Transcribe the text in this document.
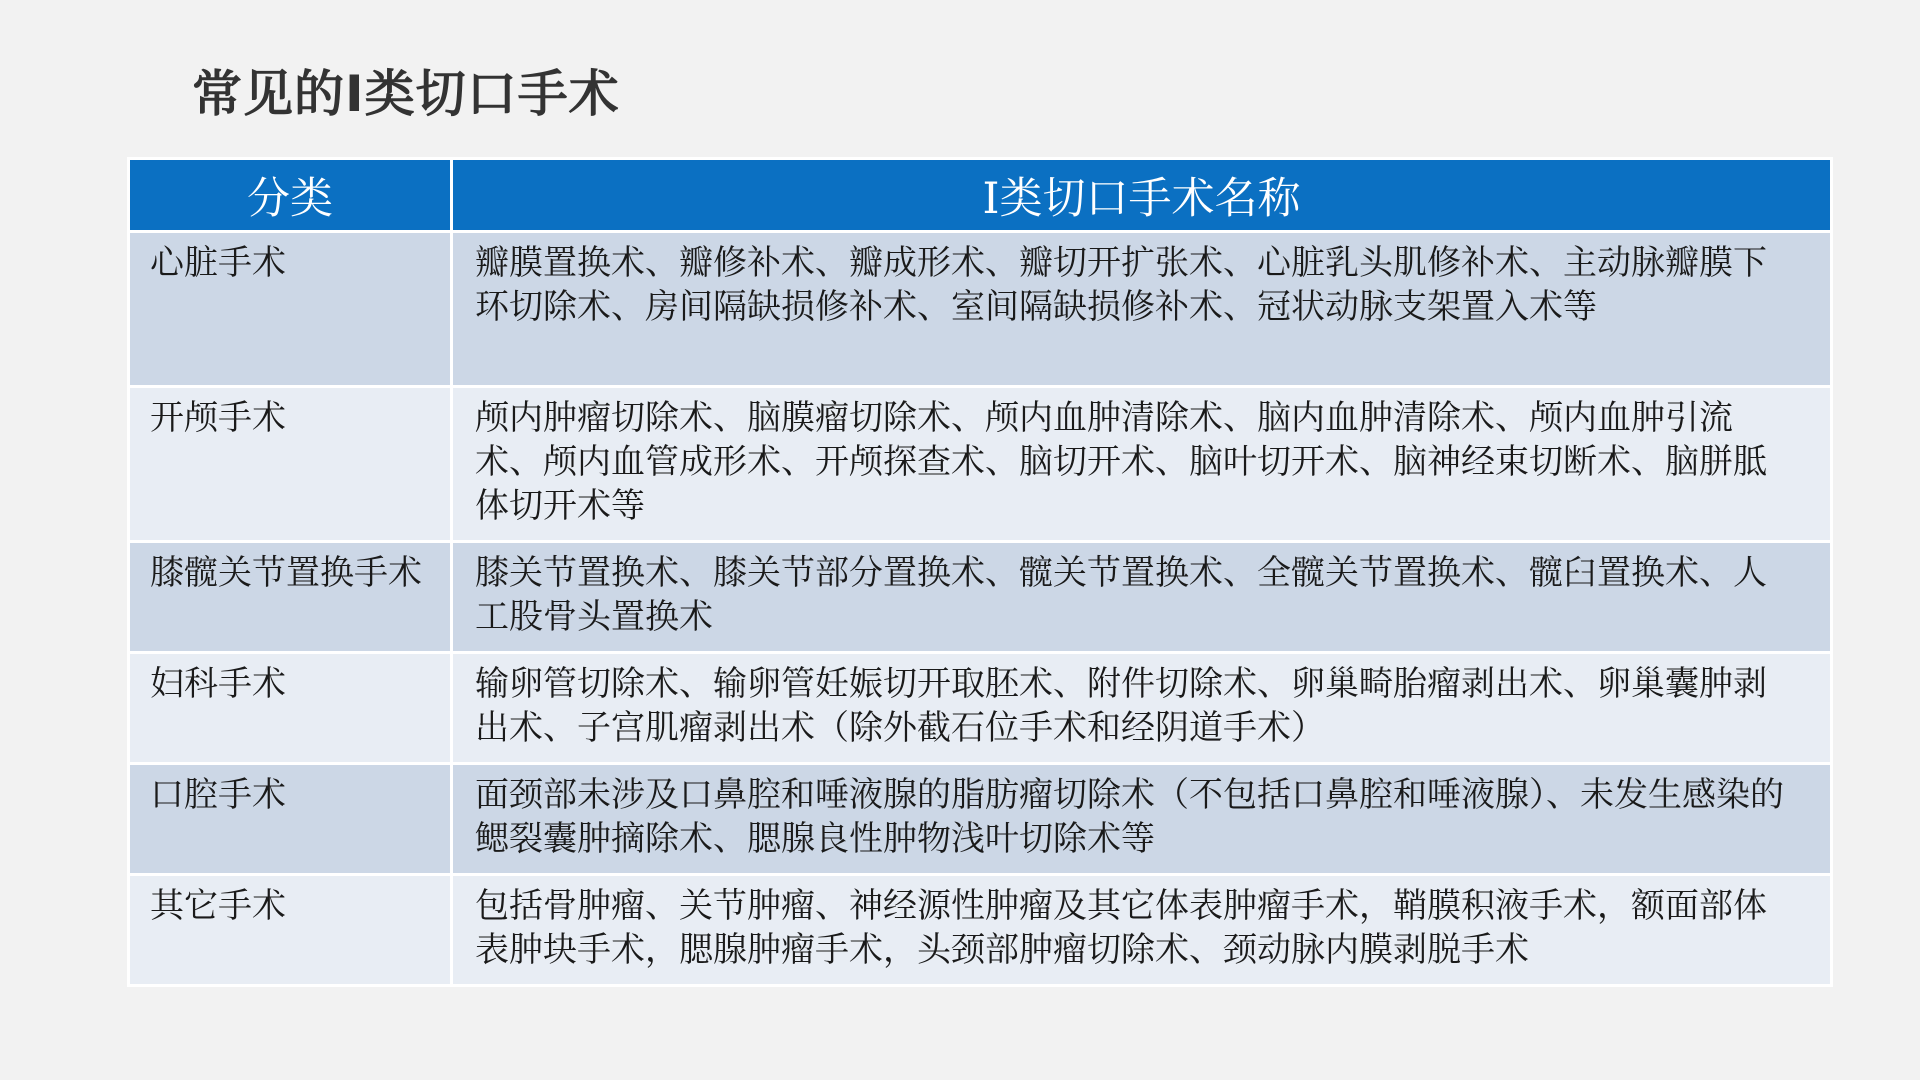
常见的Ⅰ类切口手术
分类	Ⅰ类切口手术名称
心脏手术	瓣膜置换术、瓣修补术、瓣成形术、瓣切开扩张术、心脏乳头肌修补术、主动脉瓣膜下环切除术、房间隔缺损修补术、室间隔缺损修补术、冠状动脉支架置入术等
开颅手术	颅内肿瘤切除术、脑膜瘤切除术、颅内血肿清除术、脑内血肿清除术、颅内血肿引流术、颅内血管成形术、开颅探查术、脑切开术、脑叶切开术、脑神经束切断术、脑胼胝体切开术等
膝髋关节置换手术	膝关节置换术、膝关节部分置换术、髋关节置换术、全髋关节置换术、髋臼置换术、人工股骨头置换术
妇科手术	输卵管切除术、输卵管妊娠切开取胚术、附件切除术、卵巢畸胎瘤剥出术、卵巢囊肿剥出术、子宫肌瘤剥出术（除外截石位手术和经阴道手术）
口腔手术	面颈部未涉及口鼻腔和唾液腺的脂肪瘤切除术（不包括口鼻腔和唾液腺）、未发生感染的鳃裂囊肿摘除术、腮腺良性肿物浅叶切除术等
其它手术	包括骨肿瘤、关节肿瘤、神经源性肿瘤及其它体表肿瘤手术，鞘膜积液手术，额面部体表肿块手术，腮腺肿瘤手术，头颈部肿瘤切除术、颈动脉内膜剥脱手术
